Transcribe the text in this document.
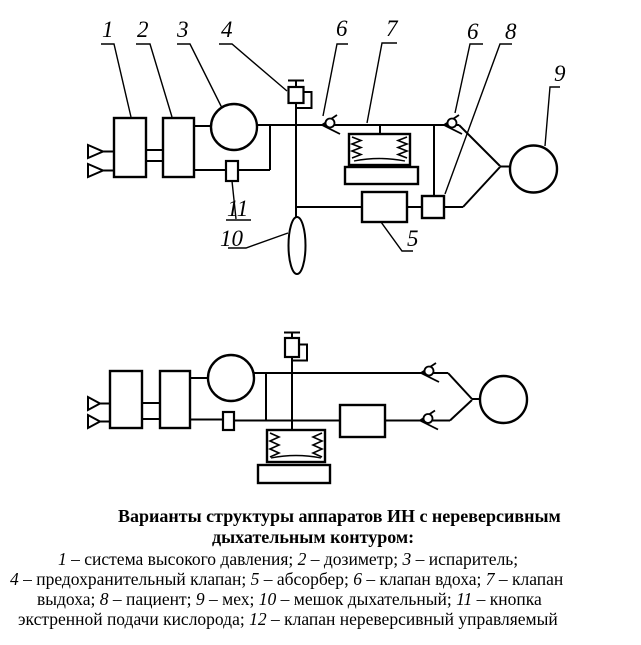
1 2 3 4	6 7	6 8
9
11
10	5
Варианты структуры аппаратов ИН с нереверсивным
дыхательным контуром:
1 – система высокого давления; 2 – дозиметр; 3 – испаритель;
4 – предохранительный клапан; 5 – абсорбер; 6 – клапан вдоха; 7 – клапан
выдоха; 8 – пациент; 9 – мех; 10 – мешок дыхательный; 11 – кнопка
экстренной подачи кислорода; 12 – клапан нереверсивный управляемый
